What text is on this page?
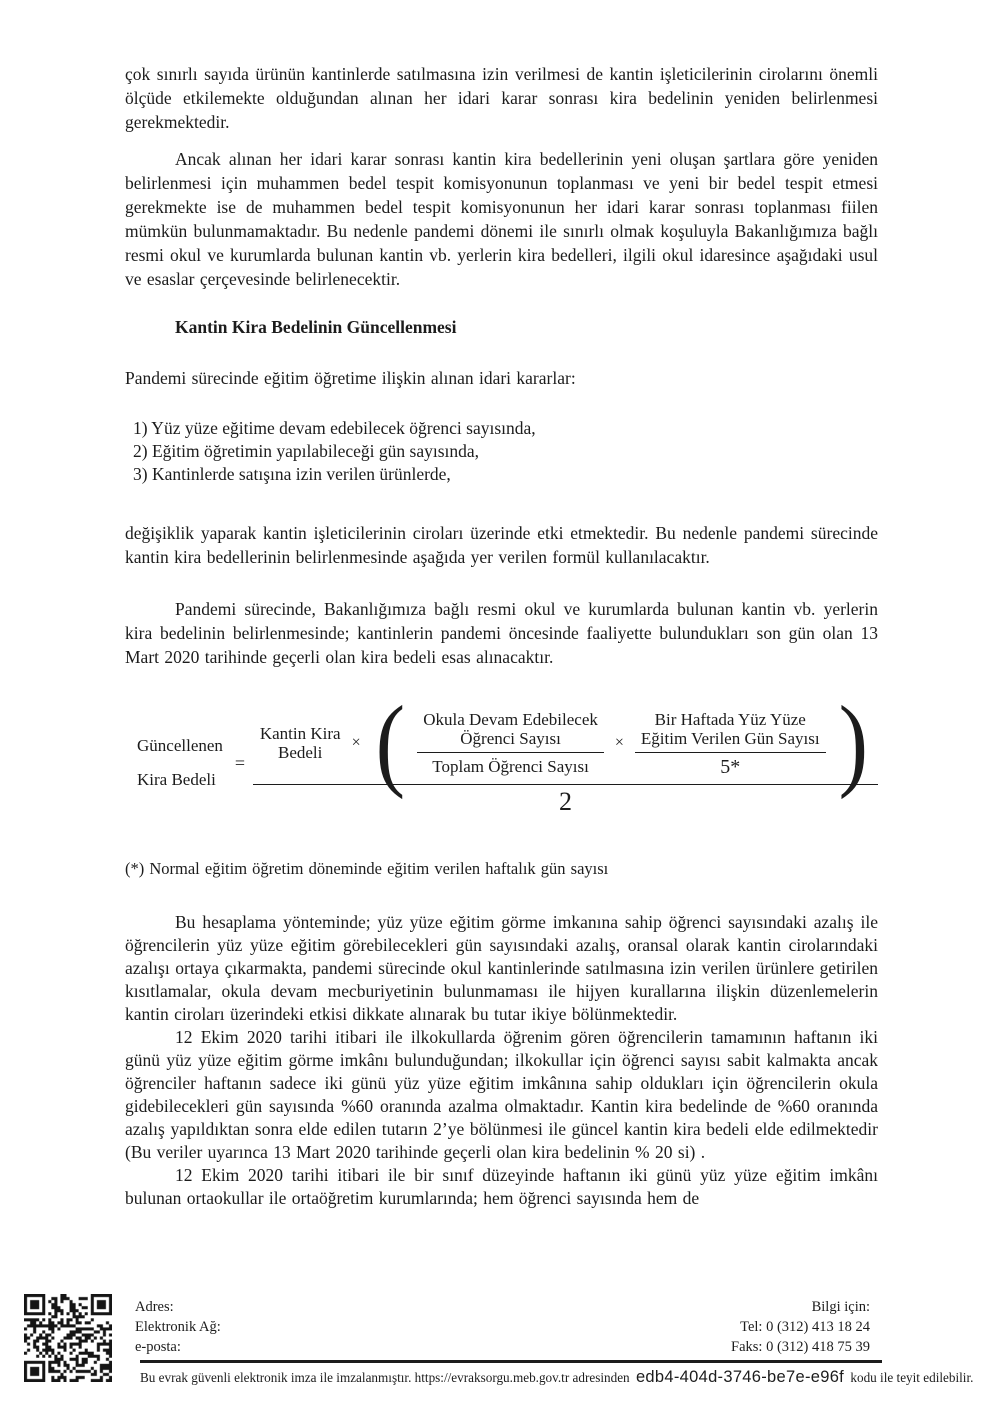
çok sınırlı sayıda ürünün kantinlerde satılmasına izin verilmesi de kantin işleticilerinin cirolarını önemli ölçüde etkilemekte olduğundan alınan her idari karar sonrası kira bedelinin yeniden belirlenmesi gerekmektedir.

Ancak alınan her idari karar sonrası kantin kira bedellerinin yeni oluşan şartlara göre yeniden belirlenmesi için muhammen bedel tespit komisyonunun toplanması ve yeni bir bedel tespit etmesi gerekmekte ise de muhammen bedel tespit komisyonunun her idari karar sonrası toplanması fiilen mümkün bulunmamaktadır. Bu nedenle pandemi dönemi ile sınırlı olmak koşuluyla Bakanlığımıza bağlı resmi okul ve kurumlarda bulunan kantin vb. yerlerin kira bedelleri, ilgili okul idaresince aşağıdaki usul ve esaslar çerçevesinde belirlenecektir.

Kantin Kira Bedelinin Güncellenmesi

Pandemi sürecinde eğitim öğretime ilişkin alınan idari kararlar:

1) Yüz yüze eğitime devam edebilecek öğrenci sayısında,

2) Eğitim öğretimin yapılabileceği gün sayısında,

3) Kantinlerde satışına izin verilen ürünlerde,

değişiklik yaparak kantin işleticilerinin ciroları üzerinde etki etmektedir. Bu nedenle pandemi sürecinde kantin kira bedellerinin belirlenmesinde aşağıda yer verilen formül kullanılacaktır.

Pandemi sürecinde, Bakanlığımıza bağlı resmi okul ve kurumlarda bulunan kantin vb. yerlerin kira bedelinin belirlenmesinde; kantinlerin pandemi öncesinde faaliyette bulundukları son gün olan 13 Mart 2020 tarihinde geçerli olan kira bedeli esas alınacaktır.

Güncellenen
Kira Bedeli
=
Kantin Kira
Bedeli
× ( Okula Devam Edebilecek
Öğrenci Sayısı
Toplam Öğrenci Sayısı × Bir Haftada Yüz Yüze
Eğitim Verilen Gün Sayısı
5* )
2

(*) Normal eğitim öğretim döneminde eğitim verilen haftalık gün sayısı

Bu hesaplama yönteminde; yüz yüze eğitim görme imkanına sahip öğrenci sayısındaki azalış ile öğrencilerin yüz yüze eğitim görebilecekleri gün sayısındaki azalış, oransal olarak kantin cirolarındaki azalışı ortaya çıkarmakta, pandemi sürecinde okul kantinlerinde satılmasına izin verilen ürünlere getirilen kısıtlamalar, okula devam mecburiyetinin bulunmaması ile hijyen kurallarına ilişkin düzenlemelerin kantin ciroları üzerindeki etkisi dikkate alınarak bu tutar ikiye bölünmektedir.

12 Ekim 2020 tarihi itibari ile ilkokullarda öğrenim gören öğrencilerin tamamının haftanın iki günü yüz yüze eğitim görme imkânı bulunduğundan; ilkokullar için öğrenci sayısı sabit kalmakta ancak öğrenciler haftanın sadece iki günü yüz yüze eğitim imkânına sahip oldukları için öğrencilerin okula gidebilecekleri gün sayısında %60 oranında azalma olmaktadır. Kantin kira bedelinde de %60 oranında azalış yapıldıktan sonra elde edilen tutarın 2’ye bölünmesi ile güncel kantin kira bedeli elde edilmektedir (Bu veriler uyarınca 13 Mart 2020 tarihinde geçerli olan kira bedelinin % 20 si) .

12 Ekim 2020 tarihi itibari ile bir sınıf düzeyinde haftanın iki günü yüz yüze eğitim imkânı bulunan ortaokullar ile ortaöğretim kurumlarında; hem öğrenci sayısında hem de

Adres:
Elektronik Ağ:
e-posta:
Bilgi için:
Tel: 0 (312) 413 18 24
Faks: 0 (312) 418 75 39
Bu evrak güvenli elektronik imza ile imzalanmıştır. https://evraksorgu.meb.gov.tr adresinden edb4-404d-3746-be7e-e96f kodu ile teyit edilebilir.
